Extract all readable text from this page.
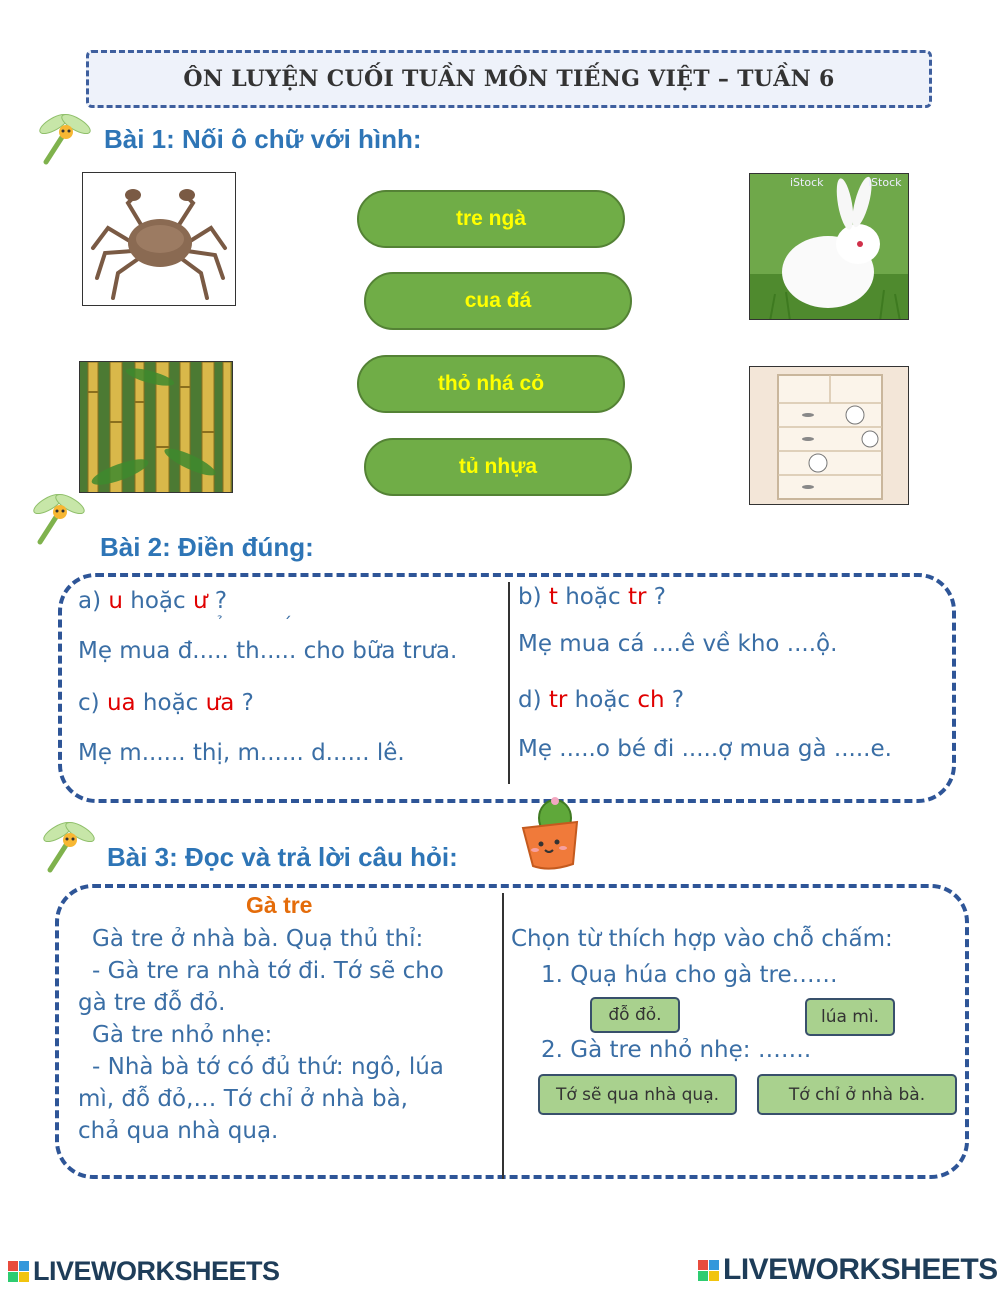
ÔN LUYỆN CUỐI TUẦN MÔN TIẾNG VIỆT – TUẦN 6
Bài 1: Nối ô chữ với hình:
tre ngà
cua đá
thỏ nhá cỏ
tủ nhựa
iStock	iStock
Bài 2: Điền đúng:
a) u hoặc ư ?
Mẹ mua đ..... th..... cho bữa trưa.
c) ua hoặc ưa ?
Mẹ m...... thị, m...... d...... lê.
b) t hoặc tr ?
Mẹ mua cá ....ê về kho ....ộ.
d) tr hoặc ch ?
Mẹ .....o bé đi .....ợ mua gà .....e.
Bài 3: Đọc và trả lời câu hỏi:
Gà tre
Gà tre ở nhà bà. Quạ thủ thỉ:
- Gà tre ra nhà tớ đi. Tớ sẽ cho
gà tre đỗ đỏ.
Gà tre nhỏ nhẹ:
- Nhà bà tớ có đủ thứ: ngô, lúa
mì, đỗ đỏ,… Tớ chỉ ở nhà bà,
chả qua nhà quạ.
Chọn từ thích hợp vào chỗ chấm:
1. Quạ húa cho gà tre……
đỗ đỏ.	lúa mì.
2. Gà tre nhỏ nhẹ: …….
Tớ sẽ qua nhà quạ.	Tớ chỉ ở nhà bà.
LIVEWORKSHEETS	LIVEWORKSHEETS
